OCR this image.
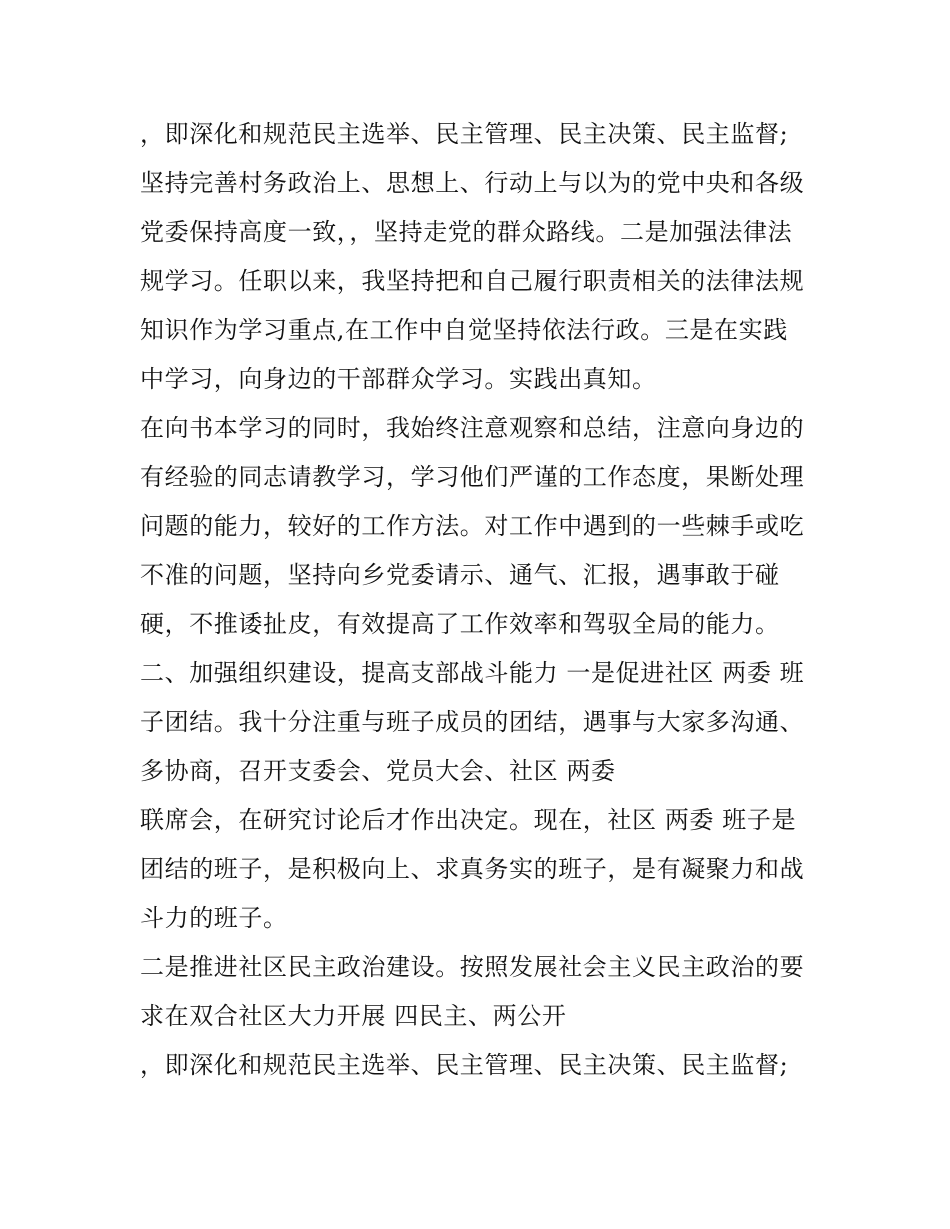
，即深化和规范民主选举、民主管理、民主决策、民主监督;
坚持完善村务政治上、思想上、行动上与以为的党中央和各级
党委保持高度一致，，坚持走党的群众路线。二是加强法律法
规学习。任职以来，我坚持把和自己履行职责相关的法律法规
知识作为学习重点,在工作中自觉坚持依法行政。三是在实践
中学习，向身边的干部群众学习。实践出真知。
在向书本学习的同时，我始终注意观察和总结，注意向身边的
有经验的同志请教学习，学习他们严谨的工作态度，果断处理
问题的能力，较好的工作方法。对工作中遇到的一些棘手或吃
不准的问题，坚持向乡党委请示、通气、汇报，遇事敢于碰
硬，不推诿扯皮，有效提高了工作效率和驾驭全局的能力。
二、加强组织建设，提高支部战斗能力 一是促进社区 两委 班
子团结。我十分注重与班子成员的团结，遇事与大家多沟通、
多协商，召开支委会、党员大会、社区 两委
联席会，在研究讨论后才作出决定。现在，社区 两委 班子是
团结的班子，是积极向上、求真务实的班子，是有凝聚力和战
斗力的班子。
二是推进社区民主政治建设。按照发展社会主义民主政治的要
求在双合社区大力开展 四民主、两公开
，即深化和规范民主选举、民主管理、民主决策、民主监督;
